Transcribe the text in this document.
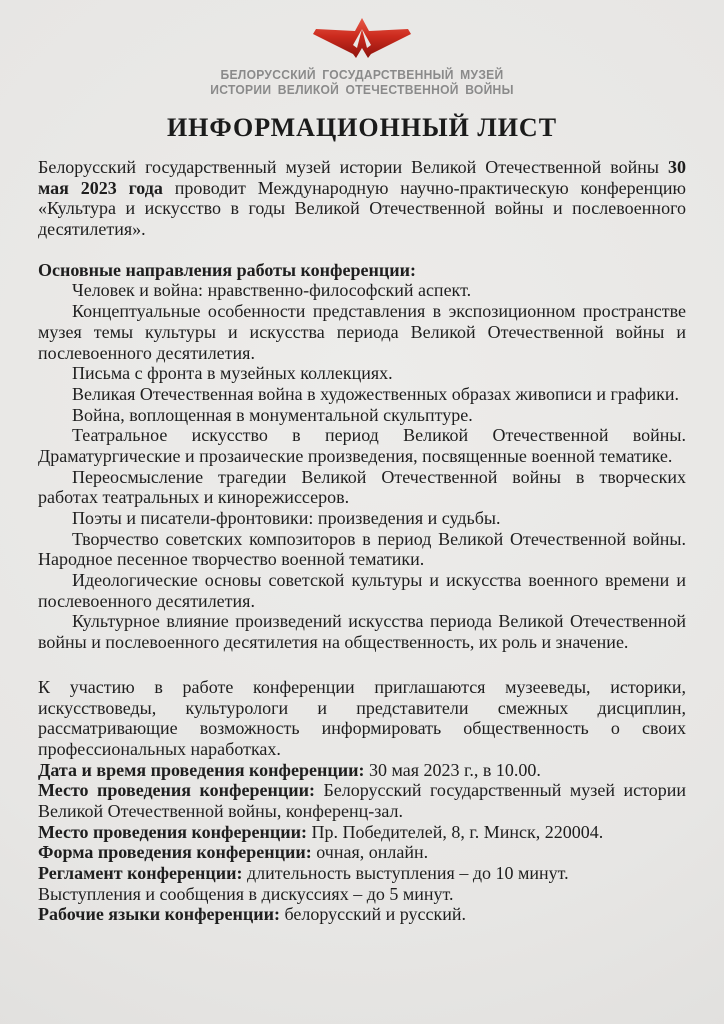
БЕЛОРУССКИЙ ГОСУДАРСТВЕННЫЙ МУЗЕЙ
ИСТОРИИ ВЕЛИКОЙ ОТЕЧЕСТВЕННОЙ ВОЙНЫ
ИНФОРМАЦИОННЫЙ ЛИСТ

Белорусский государственный музей истории Великой Отечественной войны 30 мая 2023 года проводит Международную научно-практическую конференцию «Культура и искусство в годы Великой Отечественной войны и послевоенного десятилетия».

Основные направления работы конференции:

Человек и война: нравственно-философский аспект.

Концептуальные особенности представления в экспозиционном пространстве музея темы культуры и искусства периода Великой Отечественной войны и послевоенного десятилетия.

Письма с фронта в музейных коллекциях.

Великая Отечественная война в художественных образах живописи и графики.

Война, воплощенная в монументальной скульптуре.

Театральное искусство в период Великой Отечественной войны. Драматургические и прозаические произведения, посвященные военной тематике.

Переосмысление трагедии Великой Отечественной войны в творческих работах театральных и кинорежиссеров.

Поэты и писатели-фронтовики: произведения и судьбы.

Творчество советских композиторов в период Великой Отечественной войны. Народное песенное творчество военной тематики.

Идеологические основы советской культуры и искусства военного времени и послевоенного десятилетия.

Культурное влияние произведений искусства периода Великой Отечественной войны и послевоенного десятилетия на общественность, их роль и значение.

К участию в работе конференции приглашаются музееведы, историки, искусствоведы, культурологи и представители смежных дисциплин, рассматривающие возможность информировать общественность о своих профессиональных наработках.

Дата и время проведения конференции: 30 мая 2023 г., в 10.00.

Место проведения конференции: Белорусский государственный музей истории Великой Отечественной войны, конференц-зал.

Место проведения конференции: Пр. Победителей, 8, г. Минск, 220004.

Форма проведения конференции: очная, онлайн.

Регламент конференции: длительность выступления – до 10 минут.

Выступления и сообщения в дискуссиях – до 5 минут.

Рабочие языки конференции: белорусский и русский.
